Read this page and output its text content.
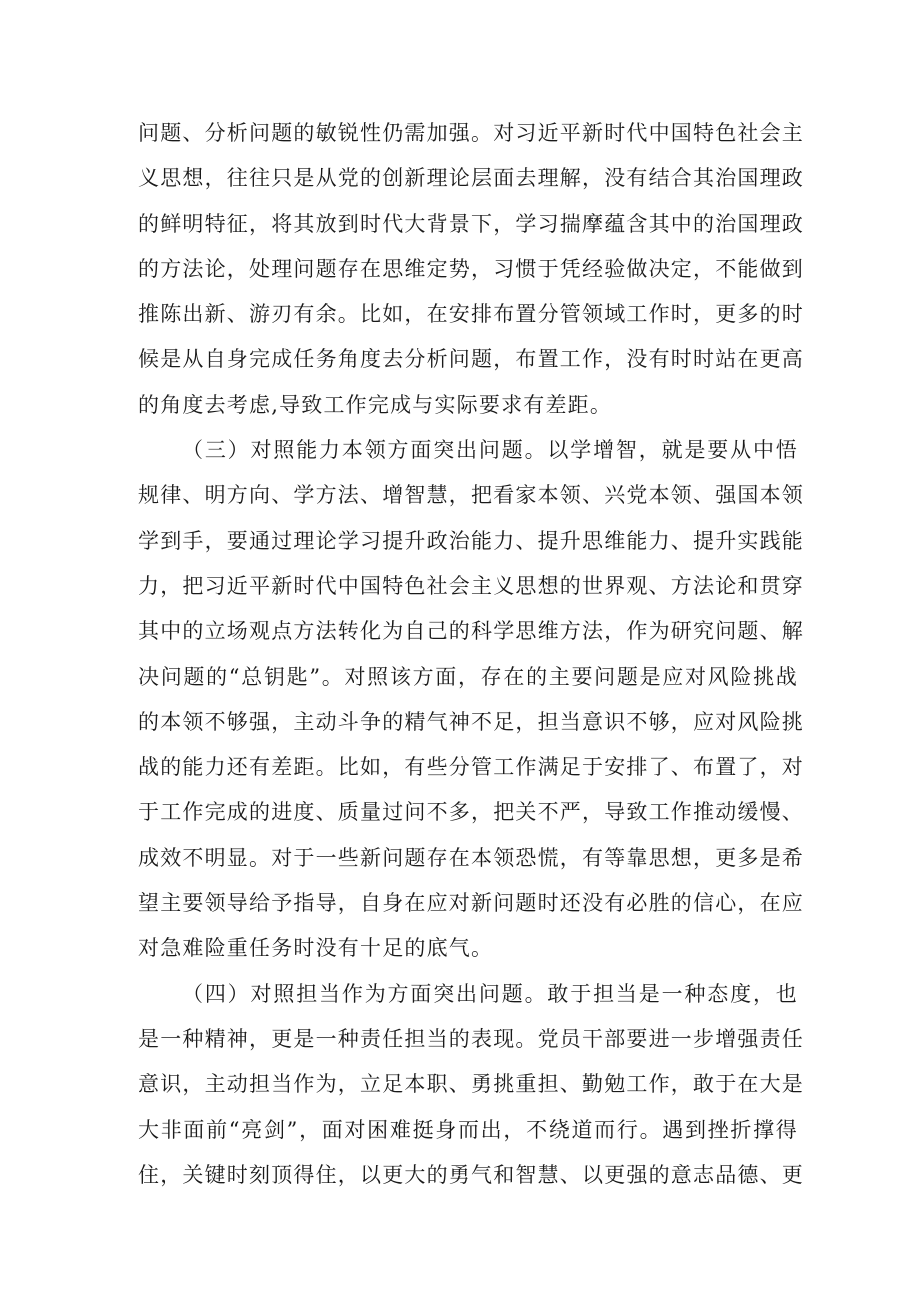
问题、分析问题的敏锐性仍需加强。对习近平新时代中国特色社会主
义思想，往往只是从党的创新理论层面去理解，没有结合其治国理政
的鲜明特征，将其放到时代大背景下，学习揣摩蕴含其中的治国理政
的方法论，处理问题存在思维定势，习惯于凭经验做决定，不能做到
推陈出新、游刃有余。比如，在安排布置分管领域工作时，更多的时
候是从自身完成任务角度去分析问题，布置工作，没有时时站在更高
的角度去考虑,导致工作完成与实际要求有差距。
（三）对照能力本领方面突出问题。以学增智，就是要从中悟
规律、明方向、学方法、增智慧，把看家本领、兴党本领、强国本领
学到手，要通过理论学习提升政治能力、提升思维能力、提升实践能
力，把习近平新时代中国特色社会主义思想的世界观、方法论和贯穿
其中的立场观点方法转化为自己的科学思维方法，作为研究问题、解
决问题的“总钥匙”。对照该方面，存在的主要问题是应对风险挑战
的本领不够强，主动斗争的精气神不足，担当意识不够，应对风险挑
战的能力还有差距。比如，有些分管工作满足于安排了、布置了，对
于工作完成的进度、质量过问不多，把关不严，导致工作推动缓慢、
成效不明显。对于一些新问题存在本领恐慌，有等靠思想，更多是希
望主要领导给予指导，自身在应对新问题时还没有必胜的信心，在应
对急难险重任务时没有十足的底气。
（四）对照担当作为方面突出问题。敢于担当是一种态度，也
是一种精神，更是一种责任担当的表现。党员干部要进一步增强责任
意识，主动担当作为，立足本职、勇挑重担、勤勉工作，敢于在大是
大非面前“亮剑”，面对困难挺身而出，不绕道而行。遇到挫折撑得
住，关键时刻顶得住，以更大的勇气和智慧、以更强的意志品德、更
